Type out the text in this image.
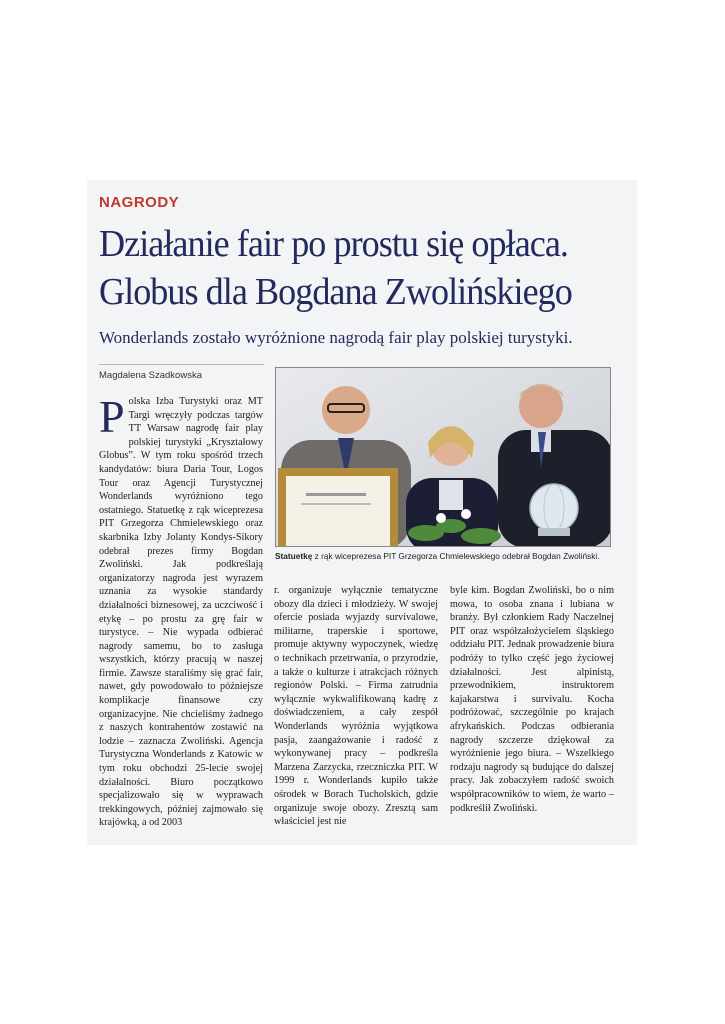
NAGRODY
Działanie fair po prostu się opłaca.
Globus dla Bogdana Zwolińskiego
Wonderlands zostało wyróżnione nagrodą fair play polskiej turystyki.
Magdalena Szadkowska
Polska Izba Turystyki oraz MT Targi wręczyły podczas targów TT Warsaw nagrodę fair play polskiej turystyki „Kryształowy Globus”. W tym roku spośród trzech kandydatów: biura Daria Tour, Logos Tour oraz Agencji Turystycznej Wonderlands wyróżniono tego ostatniego. Statuetkę z rąk wiceprezesa PIT Grzegorza Chmielewskiego oraz skarbnika Izby Jolanty Kondys-Sikory odebrał prezes firmy Bogdan Zwoliński. Jak podkreślają organizatorzy nagroda jest wyrazem uznania za wysokie standardy działalności biznesowej, za uczciwość i etykę – po prostu za grę fair w turystyce. – Nie wypada odbierać nagrody samemu, bo to zasługa wszystkich, którzy pracują w naszej firmie. Zawsze staraliśmy się grać fair, nawet, gdy powodowało to późniejsze komplikacje finansowe czy organizacyjne. Nie chcieliśmy żadnego z naszych kontrahentów zostawić na lodzie – zaznacza Zwoliński. Agencja Turystyczna Wonderlands z Katowic w tym roku obchodzi 25-lecie swojej działalności. Biuro początkowo specjalizowało się w wyprawach trekkingowych, później zajmowało się krajówką, a od 2003
Statuetkę z rąk wiceprezesa PIT Grzegorza Chmielewskiego odebrał Bogdan Zwoliński.
r. organizuje wyłącznie tematyczne obozy dla dzieci i młodzieży. W swojej ofercie posiada wyjazdy survivalowe, militarne, traperskie i sportowe, promuje aktywny wypoczynek, wiedzę o technikach przetrwania, o przyrodzie, a także o kulturze i atrakcjach różnych regionów Polski. – Firma zatrudnia wyłącznie wykwalifikowaną kadrę z doświadczeniem, a cały zespół Wonderlands wyróżnia wyjątkowa pasja, zaangażowanie i radość z wykonywanej pracy – podkreśla Marzena Zarzycka, rzeczniczka PIT. W 1999 r. Wonderlands kupiło także ośrodek w Borach Tucholskich, gdzie organizuje swoje obozy. Zresztą sam właściciel jest nie
byle kim. Bogdan Zwoliński, bo o nim mowa, to osoba znana i lubiana w branży. Był członkiem Rady Naczelnej PIT oraz współzałożycielem śląskiego oddziału PIT. Jednak prowadzenie biura podróży to tylko część jego życiowej działalności. Jest alpinistą, przewodnikiem, instruktorem kajakarstwa i survivalu. Kocha podróżować, szczególnie po krajach afrykańskich. Podczas odbierania nagrody szczerze dziękował za wyróżnienie jego biura. – Wszelkiego rodzaju nagrody są budujące do dalszej pracy. Jak zobaczyłem radość swoich współpracowników to wiem, że warto – podkreślił Zwoliński.
